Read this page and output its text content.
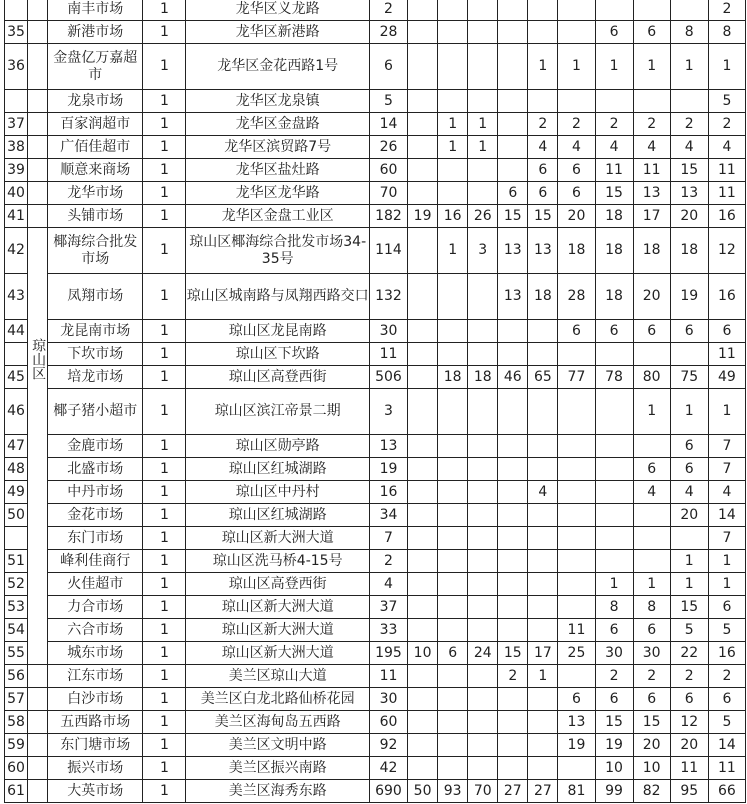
		南丰市场	1	龙华区义龙路	2										2
35		新港市场	1	龙华区新港路	28							6	6	8	8
36		金盘亿万嘉超市	1	龙华区金花西路1号	6					1	1	1	1	1	1
		龙泉市场	1	龙华区龙泉镇	5										5
37		百家润超市	1	龙华区金盘路	14		1	1		2	2	2	2	2	2
38		广佰佳超市	1	龙华区滨贸路7号	26		1	1		4	4	4	4	4	4
39		顺意来商场	1	龙华区盐灶路	60					6	6	11	11	15	11
40		龙华市场	1	龙华区龙华路	70				6	6	6	15	13	13	11
41		头铺市场	1	龙华区金盘工业区	182	19	16	26	15	15	20	18	17	20	16
42	琼山区	椰海综合批发市场	1	琼山区椰海综合批发市场34-35号	114		1	3	13	13	18	18	18	18	12
43		凤翔市场	1	琼山区城南路与凤翔西路交口	132				13	18	28	18	20	19	16
44		龙昆南市场	1	琼山区龙昆南路	30						6	6	6	6	6
		下坎市场	1	琼山区下坎路	11										11
45		培龙市场	1	琼山区高登西街	506		18	18	46	65	77	78	80	75	49
46		椰子猪小超市	1	琼山区滨江帝景二期	3								1	1	1
47		金鹿市场	1	琼山区勋亭路	13									6	7
48		北盛市场	1	琼山区红城湖路	19								6	6	7
49		中丹市场	1	琼山区中丹村	16					4			4	4	4
50		金花市场	1	琼山区红城湖路	34									20	14
		东门市场	1	琼山区新大洲大道	7										7
51		峰利佳商行	1	琼山区洗马桥4-15号	2									1	1
52		火佳超市	1	琼山区高登西街	4							1	1	1	1
53		力合市场	1	琼山区新大洲大道	37							8	8	15	6
54		六合市场	1	琼山区新大洲大道	33						11	6	6	5	5
55		城东市场	1	琼山区新大洲大道	195	10	6	24	15	17	25	30	30	22	16
56		江东市场	1	美兰区琼山大道	11				2	1		2	2	2	2
57		白沙市场	1	美兰区白龙北路仙桥花园	30						6	6	6	6	6
58		五西路市场	1	美兰区海甸岛五西路	60						13	15	15	12	5
59		东门塘市场	1	美兰区文明中路	92						19	19	20	20	14
60		振兴市场	1	美兰区振兴南路	42							10	10	11	11
61		大英市场	1	美兰区海秀东路	690	50	93	70	27	27	81	99	82	95	66
